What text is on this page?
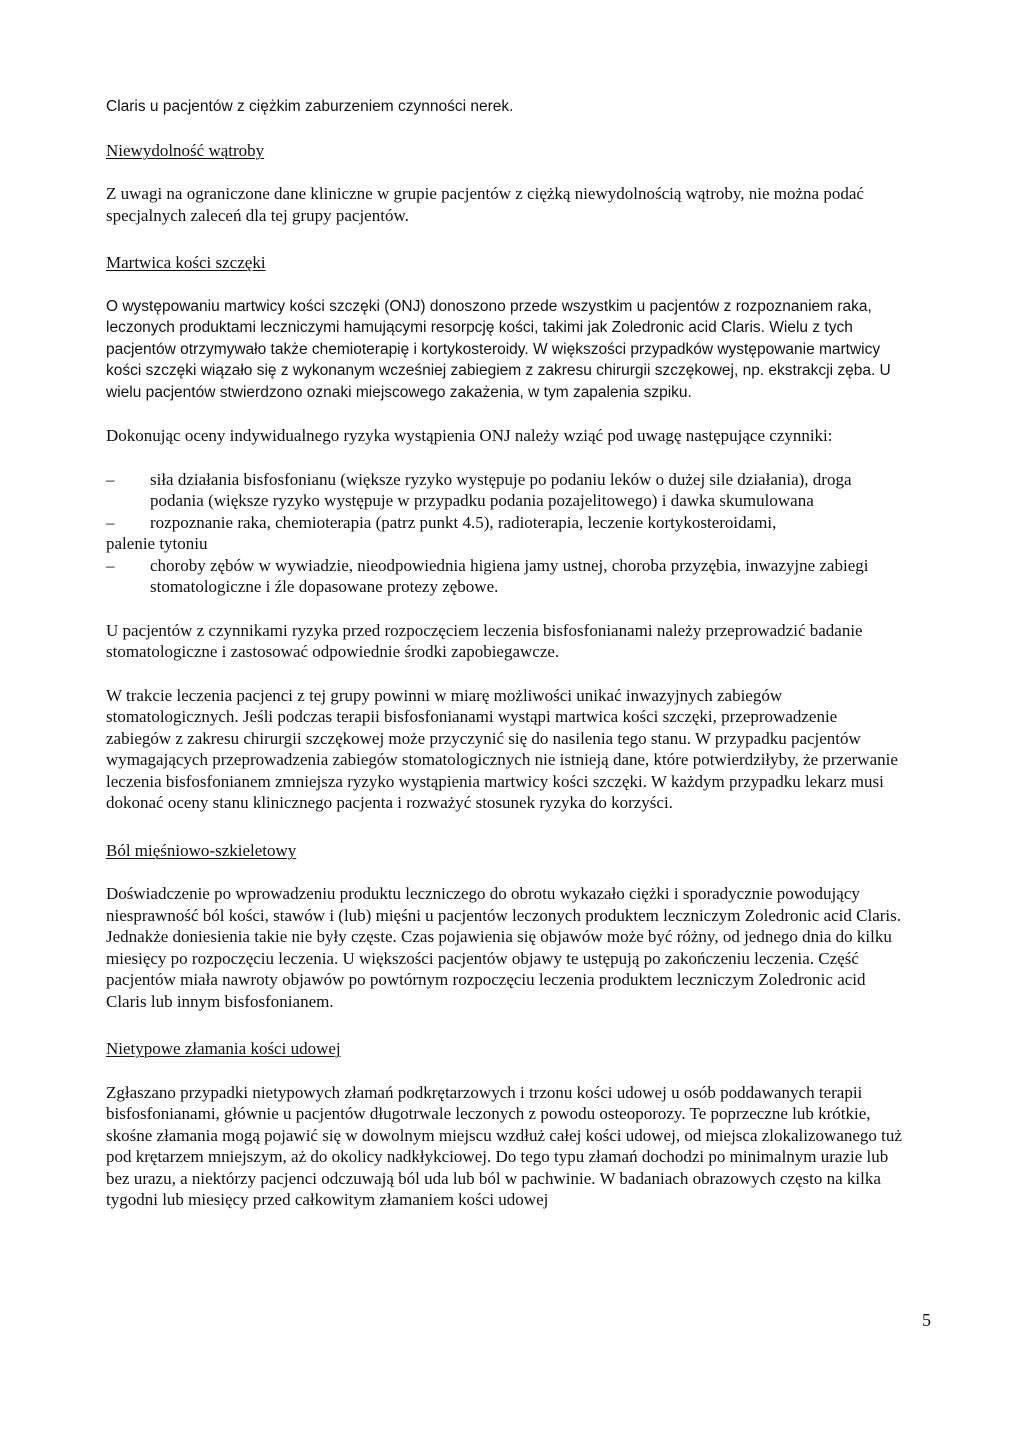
Claris u pacjentów z ciężkim zaburzeniem czynności nerek.

Niewydolność wątroby

Z uwagi na ograniczone dane kliniczne w grupie pacjentów z ciężką niewydolnością wątroby, nie można podać specjalnych zaleceń dla tej grupy pacjentów.

Martwica kości szczęki

O występowaniu martwicy kości szczęki (ONJ) donoszono przede wszystkim u pacjentów z rozpoznaniem raka, leczonych produktami leczniczymi hamującymi resorpcję kości, takimi jak Zoledronic acid Claris. Wielu z tych pacjentów otrzymywało także chemioterapię i kortykosteroidy. W większości przypadków występowanie martwicy kości szczęki wiązało się z wykonanym wcześniej zabiegiem z zakresu chirurgii szczękowej, np. ekstrakcji zęba. U wielu pacjentów stwierdzono oznaki miejscowego zakażenia, w tym zapalenia szpiku.

Dokonując oceny indywidualnego ryzyka wystąpienia ONJ należy wziąć pod uwagę następujące czynniki:

– siła działania bisfosfonianu (większe ryzyko występuje po podaniu leków o dużej sile działania), droga podania (większe ryzyko występuje w przypadku podania pozajelitowego) i dawka skumulowana
– rozpoznanie raka, chemioterapia (patrz punkt 4.5), radioterapia, leczenie kortykosteroidami,

palenie tytoniu

– choroby zębów w wywiadzie, nieodpowiednia higiena jamy ustnej, choroba przyzębia, inwazyjne zabiegi stomatologiczne i źle dopasowane protezy zębowe.

U pacjentów z czynnikami ryzyka przed rozpoczęciem leczenia bisfosfonianami należy przeprowadzić badanie stomatologiczne i zastosować odpowiednie środki zapobiegawcze.

W trakcie leczenia pacjenci z tej grupy powinni w miarę możliwości unikać inwazyjnych zabiegów stomatologicznych. Jeśli podczas terapii bisfosfonianami wystąpi martwica kości szczęki, przeprowadzenie zabiegów z zakresu chirurgii szczękowej może przyczynić się do nasilenia tego stanu. W przypadku pacjentów wymagających przeprowadzenia zabiegów stomatologicznych nie istnieją dane, które potwierdziłyby, że przerwanie leczenia bisfosfonianem zmniejsza ryzyko wystąpienia martwicy kości szczęki. W każdym przypadku lekarz musi dokonać oceny stanu klinicznego pacjenta i rozważyć stosunek ryzyka do korzyści.

Ból mięśniowo-szkieletowy

Doświadczenie po wprowadzeniu produktu leczniczego do obrotu wykazało ciężki i sporadycznie powodujący niesprawność ból kości, stawów i (lub) mięśni u pacjentów leczonych produktem leczniczym Zoledronic acid Claris. Jednakże doniesienia takie nie były częste. Czas pojawienia się objawów może być różny, od jednego dnia do kilku miesięcy po rozpoczęciu leczenia. U większości pacjentów objawy te ustępują po zakończeniu leczenia. Część pacjentów miała nawroty objawów po powtórnym rozpoczęciu leczenia produktem leczniczym Zoledronic acid Claris lub innym bisfosfonianem.

Nietypowe złamania kości udowej

Zgłaszano przypadki nietypowych złamań podkrętarzowych i trzonu kości udowej u osób poddawanych terapii bisfosfonianami, głównie u pacjentów długotrwale leczonych z powodu osteoporozy. Te poprzeczne lub krótkie, skośne złamania mogą pojawić się w dowolnym miejscu wzdłuż całej kości udowej, od miejsca zlokalizowanego tuż pod krętarzem mniejszym, aż do okolicy nadkłykciowej. Do tego typu złamań dochodzi po minimalnym urazie lub bez urazu, a niektórzy pacjenci odczuwają ból uda lub ból w pachwinie. W badaniach obrazowych często na kilka tygodni lub miesięcy przed całkowitym złamaniem kości udowej

5
